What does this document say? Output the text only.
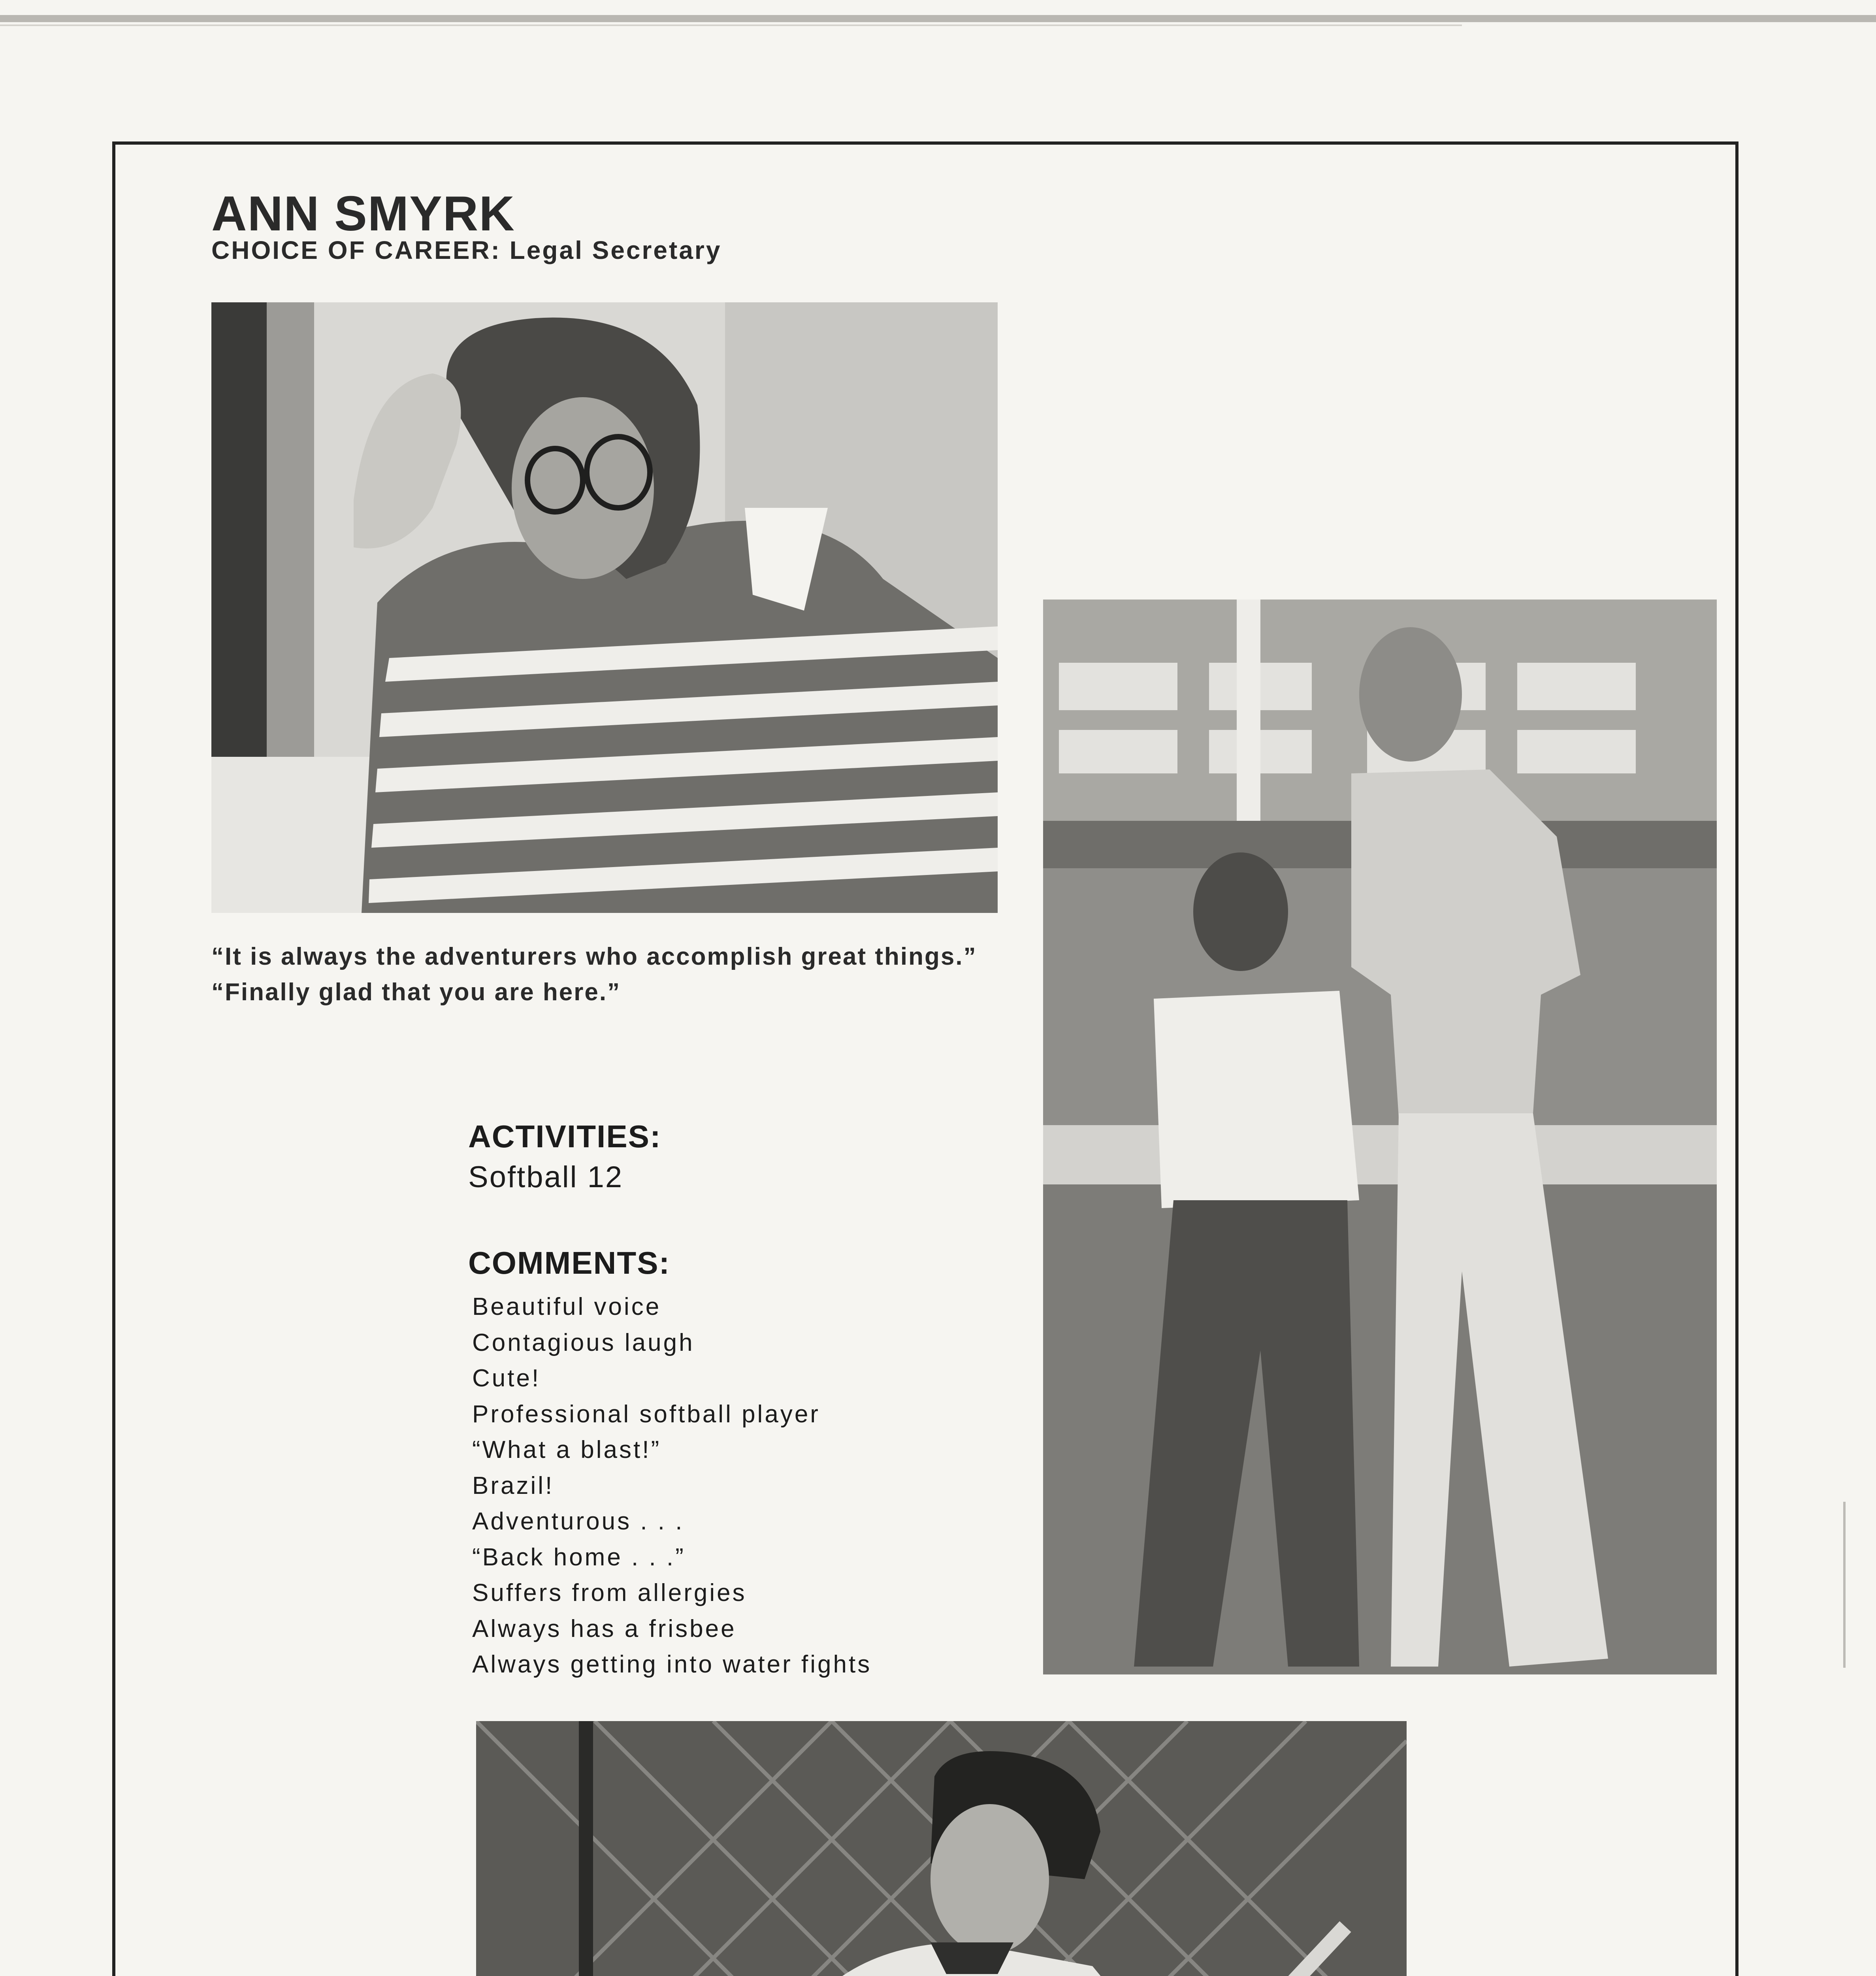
ANN SMYRK
CHOICE OF CAREER: Legal Secretary
“It is always the adventurers who accomplish great things.”
“Finally glad that you are here.”
ACTIVITIES:
Softball 12
COMMENTS:
Beautiful voice
Contagious laugh
Cute!
Professional softball player
“What a blast!”
Brazil!
Adventurous . . .
“Back home . . .”
Suffers from allergies
Always has a frisbee
Always getting into water fights
